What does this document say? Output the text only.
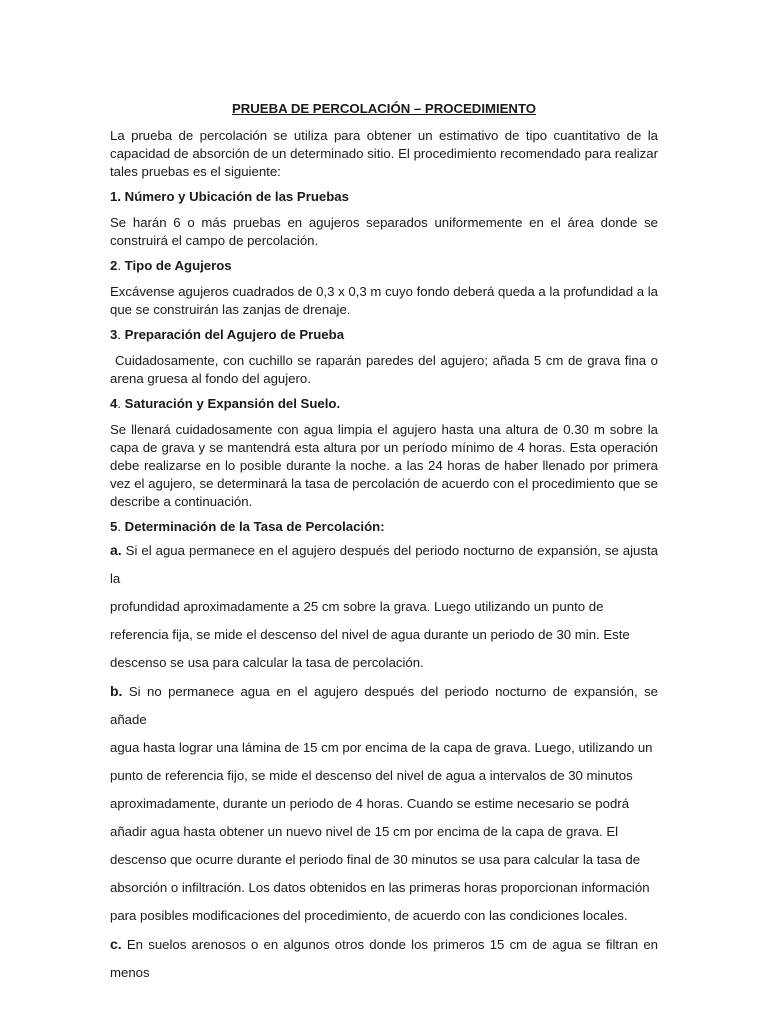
PRUEBA DE PERCOLACIÓN – PROCEDIMIENTO

La prueba de percolación se utiliza para obtener un estimativo de tipo cuantitativo de la capacidad de absorción de un determinado sitio. El procedimiento recomendado para realizar tales pruebas es el siguiente:

1. Número y Ubicación de las Pruebas

Se harán 6 o más pruebas en agujeros separados uniformemente en el área donde se construirá el campo de percolación.

2. Tipo de Agujeros

Excávense agujeros cuadrados de 0,3 x 0,3 m cuyo fondo deberá queda a la profundidad a la que se construirán las zanjas de drenaje.

3. Preparación del Agujero de Prueba

Cuidadosamente, con cuchillo se raparán paredes del agujero; añada 5 cm de grava fina o arena gruesa al fondo del agujero.

4. Saturación y Expansión del Suelo.

Se llenará cuidadosamente con agua limpia el agujero hasta una altura de 0.30 m sobre la capa de grava y se mantendrá esta altura por un período mínimo de 4 horas. Esta operación debe realizarse en lo posible durante la noche. a las 24 horas de haber llenado por primera vez el agujero, se determinará la tasa de percolación de acuerdo con el procedimiento que se describe a continuación.

5. Determinación de la Tasa de Percolación:
a. Si el agua permanece en el agujero después del periodo nocturno de expansión, se ajusta la
profundidad aproximadamente a 25 cm sobre la grava. Luego utilizando un punto de
referencia fija, se mide el descenso del nivel de agua durante un periodo de 30 min. Este
descenso se usa para calcular la tasa de percolación.
b. Si no permanece agua en el agujero después del periodo nocturno de expansión, se añade
agua hasta lograr una lámina de 15 cm por encima de la capa de grava. Luego, utilizando un
punto de referencia fijo, se mide el descenso del nivel de agua a intervalos de 30 minutos
aproximadamente, durante un periodo de 4 horas. Cuando se estime necesario se podrá
añadir agua hasta obtener un nuevo nivel de 15 cm por encima de la capa de grava. El
descenso que ocurre durante el periodo final de 30 minutos se usa para calcular la tasa de
absorción o infiltración. Los datos obtenidos en las primeras horas proporcionan información
para posibles modificaciones del procedimiento, de acuerdo con las condiciones locales.
c. En suelos arenosos o en algunos otros donde los primeros 15 cm de agua se filtran en menos
